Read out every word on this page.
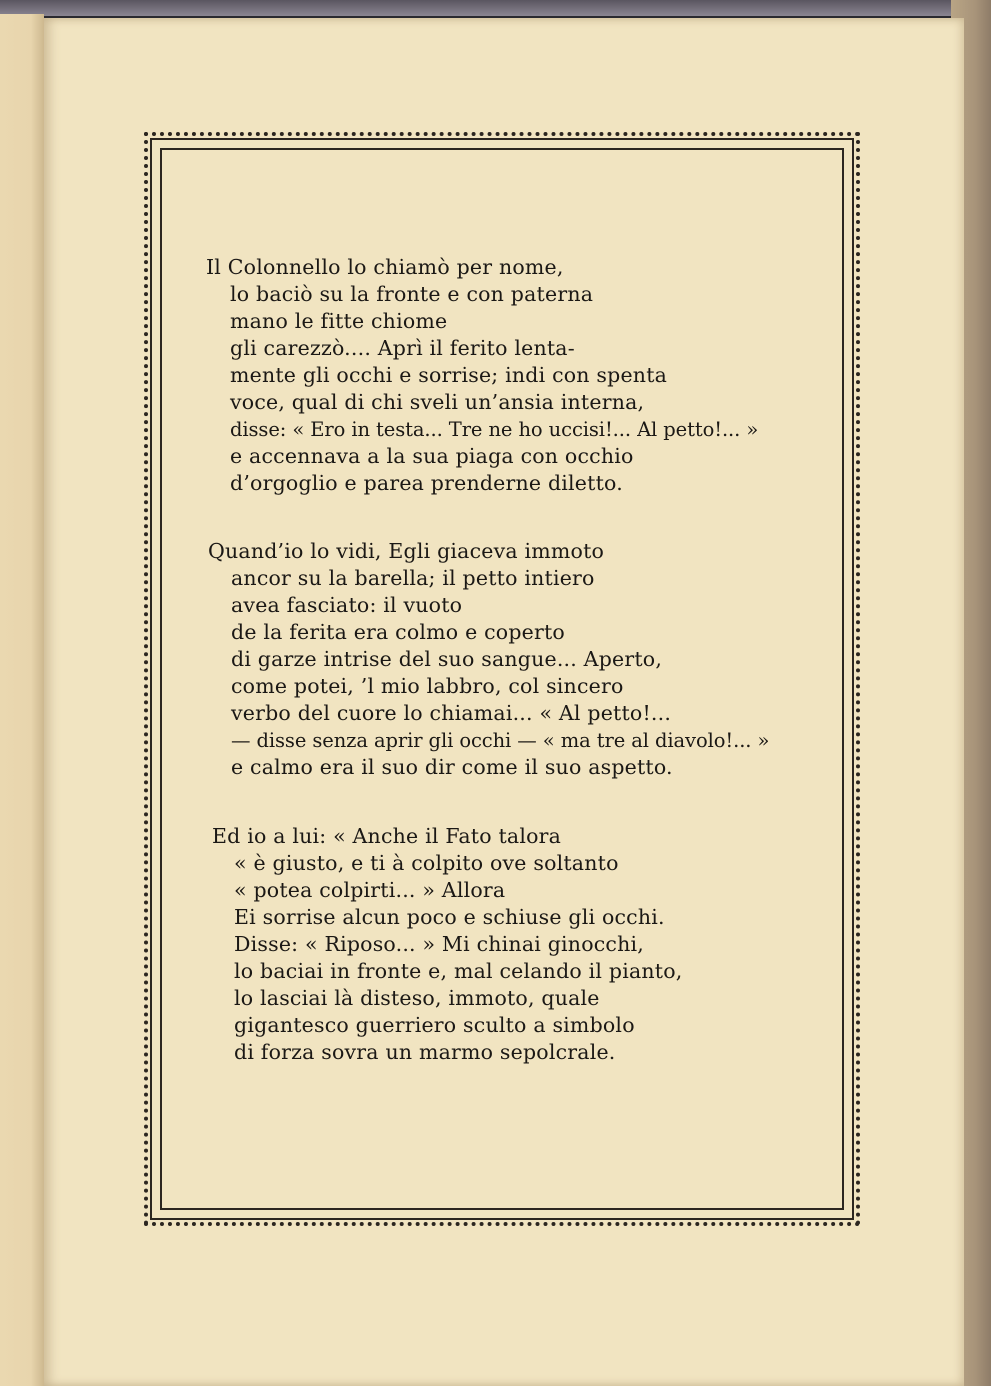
Il Colonnello lo chiamò per nome,
lo baciò su la fronte e con paterna
mano le fitte chiome
gli carezzò.... Aprì il ferito lenta-
mente gli occhi e sorrise; indi con spenta
voce, qual di chi sveli un’ansia interna,
disse: « Ero in testa... Tre ne ho uccisi!... Al petto!... »
e accennava a la sua piaga con occhio
d’orgoglio e parea prenderne diletto.
Quand’io lo vidi, Egli giaceva immoto
ancor su la barella; il petto intiero
avea fasciato: il vuoto
de la ferita era colmo e coperto
di garze intrise del suo sangue... Aperto,
come potei, ’l mio labbro, col sincero
verbo del cuore lo chiamai... « Al petto!...
— disse senza aprir gli occhi — « ma tre al diavolo!... »
e calmo era il suo dir come il suo aspetto.
Ed io a lui: « Anche il Fato talora
« è giusto, e ti à colpito ove soltanto
« potea colpirti... » Allora
Ei sorrise alcun poco e schiuse gli occhi.
Disse: « Riposo... » Mi chinai ginocchi,
lo baciai in fronte e, mal celando il pianto,
lo lasciai là disteso, immoto, quale
gigantesco guerriero sculto a simbolo
di forza sovra un marmo sepolcrale.
